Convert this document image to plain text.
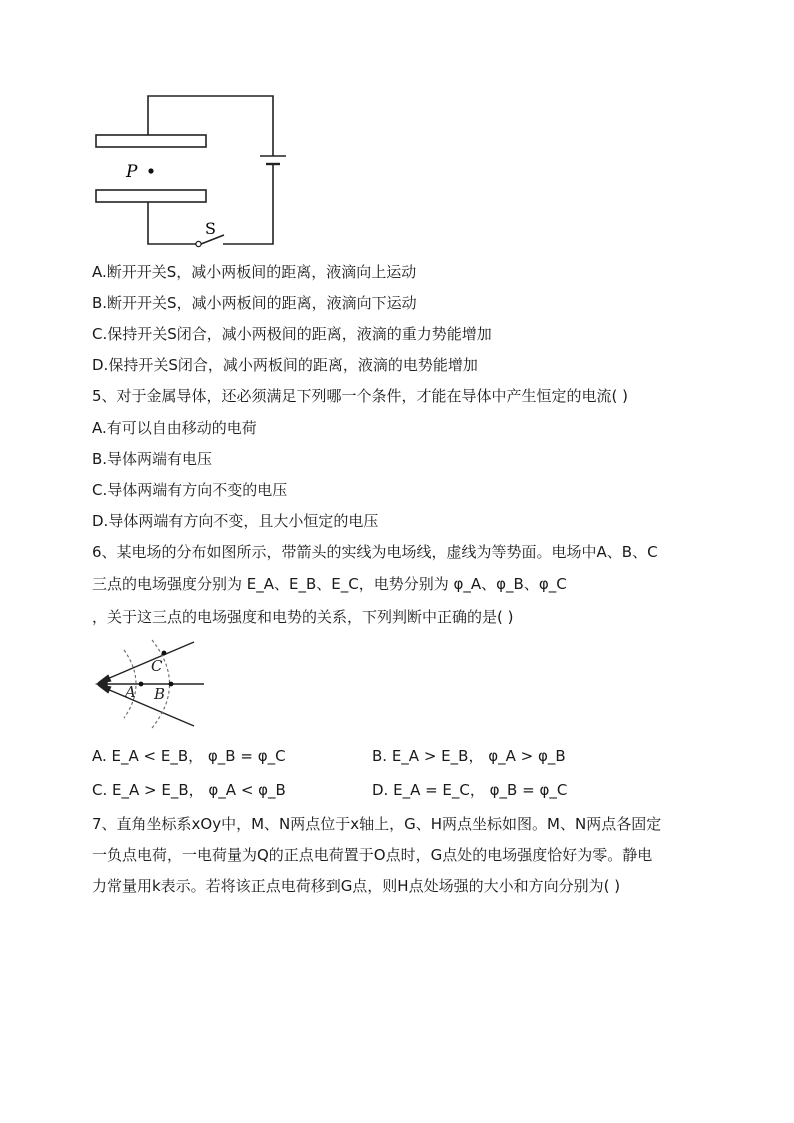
P
S
A.断开开关S，减小两板间的距离，液滴向上运动
B.断开开关S，减小两板间的距离，液滴向下运动
C.保持开关S闭合，减小两极间的距离，液滴的重力势能增加
D.保持开关S闭合，减小两板间的距离，液滴的电势能增加
5、对于金属导体，还必须满足下列哪一个条件，才能在导体中产生恒定的电流( )
A.有可以自由移动的电荷
B.导体两端有电压
C.导体两端有方向不变的电压
D.导体两端有方向不变，且大小恒定的电压
6、某电场的分布如图所示，带箭头的实线为电场线，虚线为等势面。电场中A、B、C
三点的电场强度分别为 E_A、E_B、E_C，电势分别为 φ_A、φ_B、φ_C
，关于这三点的电场强度和电势的关系，下列判断中正确的是( )
C
A B
A. E_A < E_B， φ_B = φ_C	B. E_A > E_B， φ_A > φ_B
C. E_A > E_B， φ_A < φ_B	D. E_A = E_C， φ_B = φ_C
7、直角坐标系xOy中，M、N两点位于x轴上，G、H两点坐标如图。M、N两点各固定
一负点电荷，一电荷量为Q的正点电荷置于O点时，G点处的电场强度恰好为零。静电
力常量用k表示。若将该正点电荷移到G点，则H点处场强的大小和方向分别为( )
